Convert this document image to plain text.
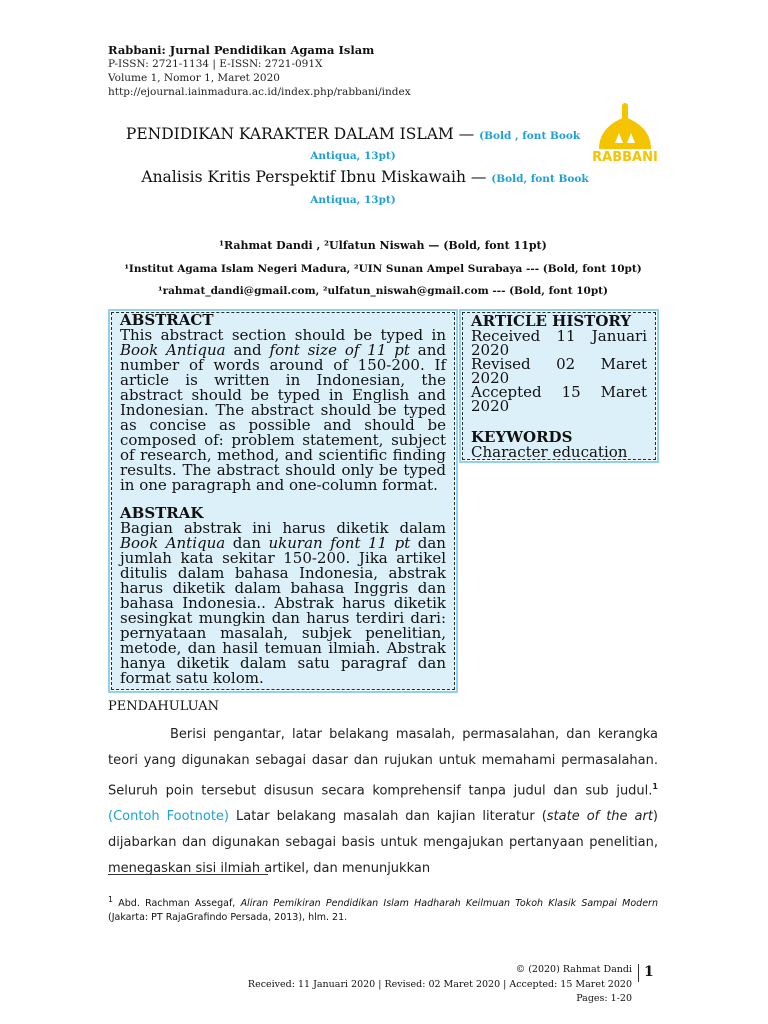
Rabbani: Jurnal Pendidikan Agama Islam
P-ISSN: 2721-1134 | E-ISSN: 2721-091X
Volume 1, Nomor 1, Maret 2020
http://ejournal.iainmadura.ac.id/index.php/rabbani/index
RABBANI
PENDIDIKAN KARAKTER DALAM ISLAM — (Bold , font Book
Antiqua, 13pt)
Analisis Kritis Perspektif Ibnu Miskawaih — (Bold, font Book
Antiqua, 13pt)
¹Rahmat Dandi , ²Ulfatun Niswah — (Bold, font 11pt)
¹Institut Agama Islam Negeri Madura, ²UIN Sunan Ampel Surabaya --- (Bold, font 10pt)
¹rahmat_dandi@gmail.com, ²ulfatun_niswah@gmail.com --- (Bold, font 10pt)
ABSTRACT

This abstract section should be typed in Book Antiqua and font size of 11 pt and number of words around of 150-200. If article is written in Indonesian, the abstract should be typed in English and Indonesian. The abstract should be typed as concise as possible and should be composed of: problem statement, subject of research, method, and scientific finding results. The abstract should only be typed in one paragraph and one-column format.

ABSTRAK

Bagian abstrak ini harus diketik dalam Book Antiqua dan ukuran font 11 pt dan jumlah kata sekitar 150-200. Jika artikel ditulis dalam bahasa Indonesia, abstrak harus diketik dalam bahasa Inggris dan bahasa Indonesia.. Abstrak harus diketik sesingkat mungkin dan harus terdiri dari: pernyataan masalah, subjek penelitian, metode, dan hasil temuan ilmiah. Abstrak hanya diketik dalam satu paragraf dan format satu kolom.

ARTICLE HISTORY
Received 11 Januari
2020
Revised 02 Maret
2020
Accepted 15 Maret
2020
KEYWORDS
Character education
PENDAHULUAN
Berisi pengantar, latar belakang masalah, permasalahan, dan kerangka teori yang digunakan sebagai dasar dan rujukan untuk memahami permasalahan. Seluruh poin tersebut disusun secara komprehensif tanpa judul dan sub judul.$^1$ (Contoh Footnote) Latar belakang masalah dan kajian literatur (state of the art) dijabarkan dan digunakan sebagai basis untuk mengajukan pertanyaan penelitian, menegaskan sisi ilmiah artikel, dan menunjukkan
$^1$ Abd. Rachman Assegaf, Aliran Pemikiran Pendidikan Islam Hadharah Keilmuan Tokoh Klasik Sampai Modern (Jakarta: PT RajaGrafindo Persada, 2013), hlm. 21.
© (2020) Rahmat Dandi 1
Received: 11 Januari 2020 | Revised: 02 Maret 2020 | Accepted: 15 Maret 2020
Pages: 1-20
